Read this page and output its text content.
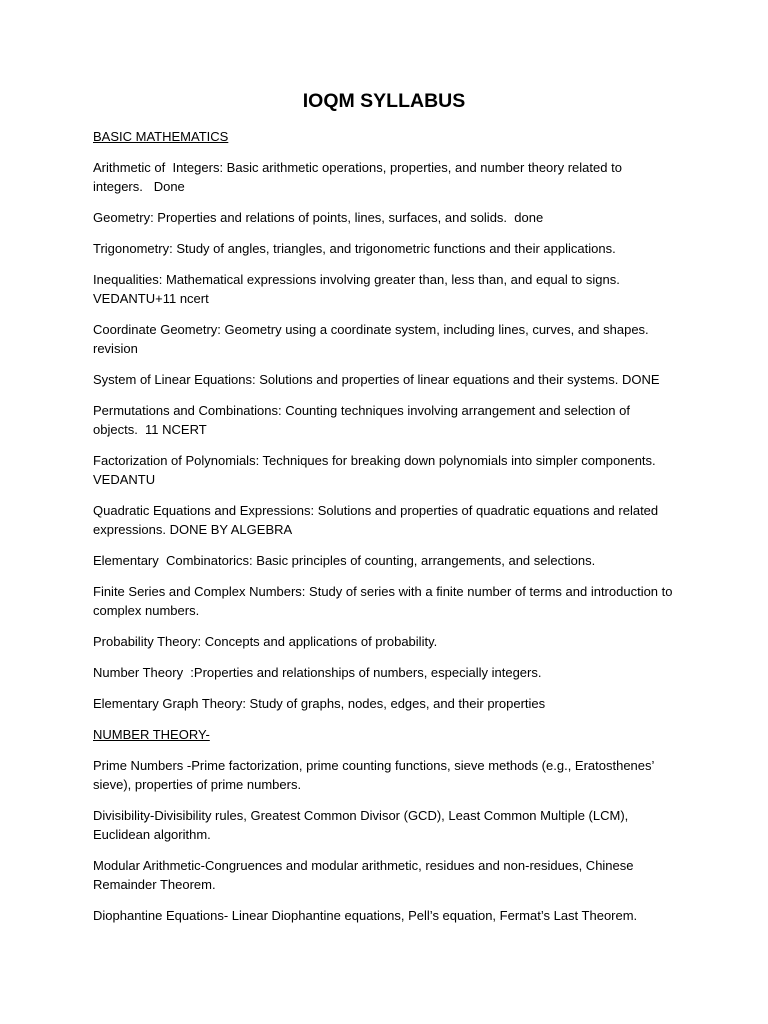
IOQM SYLLABUS

BASIC MATHEMATICS

Arithmetic of  Integers: Basic arithmetic operations, properties, and number theory related to integers.   Done

Geometry: Properties and relations of points, lines, surfaces, and solids.  done

Trigonometry: Study of angles, triangles, and trigonometric functions and their applications.

Inequalities: Mathematical expressions involving greater than, less than, and equal to signs. VEDANTU+11 ncert

Coordinate Geometry: Geometry using a coordinate system, including lines, curves, and shapes. revision

System of Linear Equations: Solutions and properties of linear equations and their systems. DONE

Permutations and Combinations: Counting techniques involving arrangement and selection of objects.  11 NCERT

Factorization of Polynomials: Techniques for breaking down polynomials into simpler components. VEDANTU

Quadratic Equations and Expressions: Solutions and properties of quadratic equations and related expressions. DONE BY ALGEBRA

Elementary  Combinatorics: Basic principles of counting, arrangements, and selections.

Finite Series and Complex Numbers: Study of series with a finite number of terms and introduction to complex numbers.

Probability Theory: Concepts and applications of probability.

Number Theory  :Properties and relationships of numbers, especially integers.

Elementary Graph Theory: Study of graphs, nodes, edges, and their properties

NUMBER THEORY-

Prime Numbers -Prime factorization, prime counting functions, sieve methods (e.g., Eratosthenes’ sieve), properties of prime numbers.

Divisibility-Divisibility rules, Greatest Common Divisor (GCD), Least Common Multiple (LCM), Euclidean algorithm.

Modular Arithmetic-Congruences and modular arithmetic, residues and non-residues, Chinese Remainder Theorem.

Diophantine Equations- Linear Diophantine equations, Pell’s equation, Fermat’s Last Theorem.
